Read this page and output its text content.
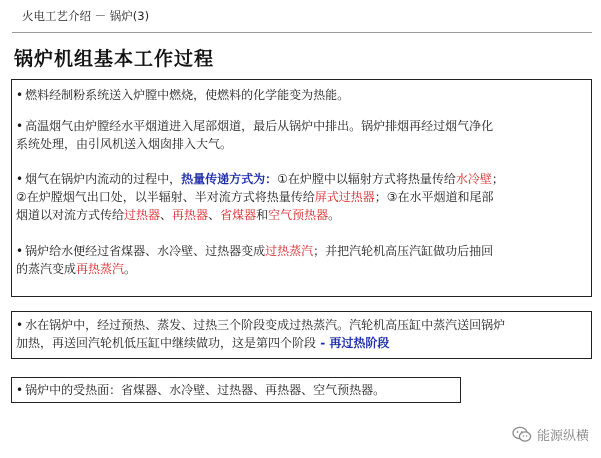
火电工艺介绍 － 锅炉(3)
锅炉机组基本工作过程
• 燃料经制粉系统送入炉膛中燃烧，使燃料的化学能变为热能。
• 高温烟气由炉膛经水平烟道进入尾部烟道，最后从锅炉中排出。锅炉排烟再经过烟气净化
系统处理，由引风机送入烟囱排入大气。
• 烟气在锅炉内流动的过程中，热量传递方式为：①在炉膛中以辐射方式将热量传给水冷壁；
②在炉膛烟气出口处，以半辐射、半对流方式将热量传给屏式过热器；③在水平烟道和尾部
烟道以对流方式传给过热器、再热器、省煤器和空气预热器。
• 锅炉给水便经过省煤器、水冷壁、过热器变成过热蒸汽；并把汽轮机高压汽缸做功后抽回
的蒸汽变成再热蒸汽。
• 水在锅炉中，经过预热、蒸发、过热三个阶段变成过热蒸汽。汽轮机高压缸中蒸汽送回锅炉
加热，再送回汽轮机低压缸中继续做功，这是第四个阶段 - 再过热阶段
• 锅炉中的受热面：省煤器、水冷壁、过热器、再热器、空气预热器。
能源纵横
